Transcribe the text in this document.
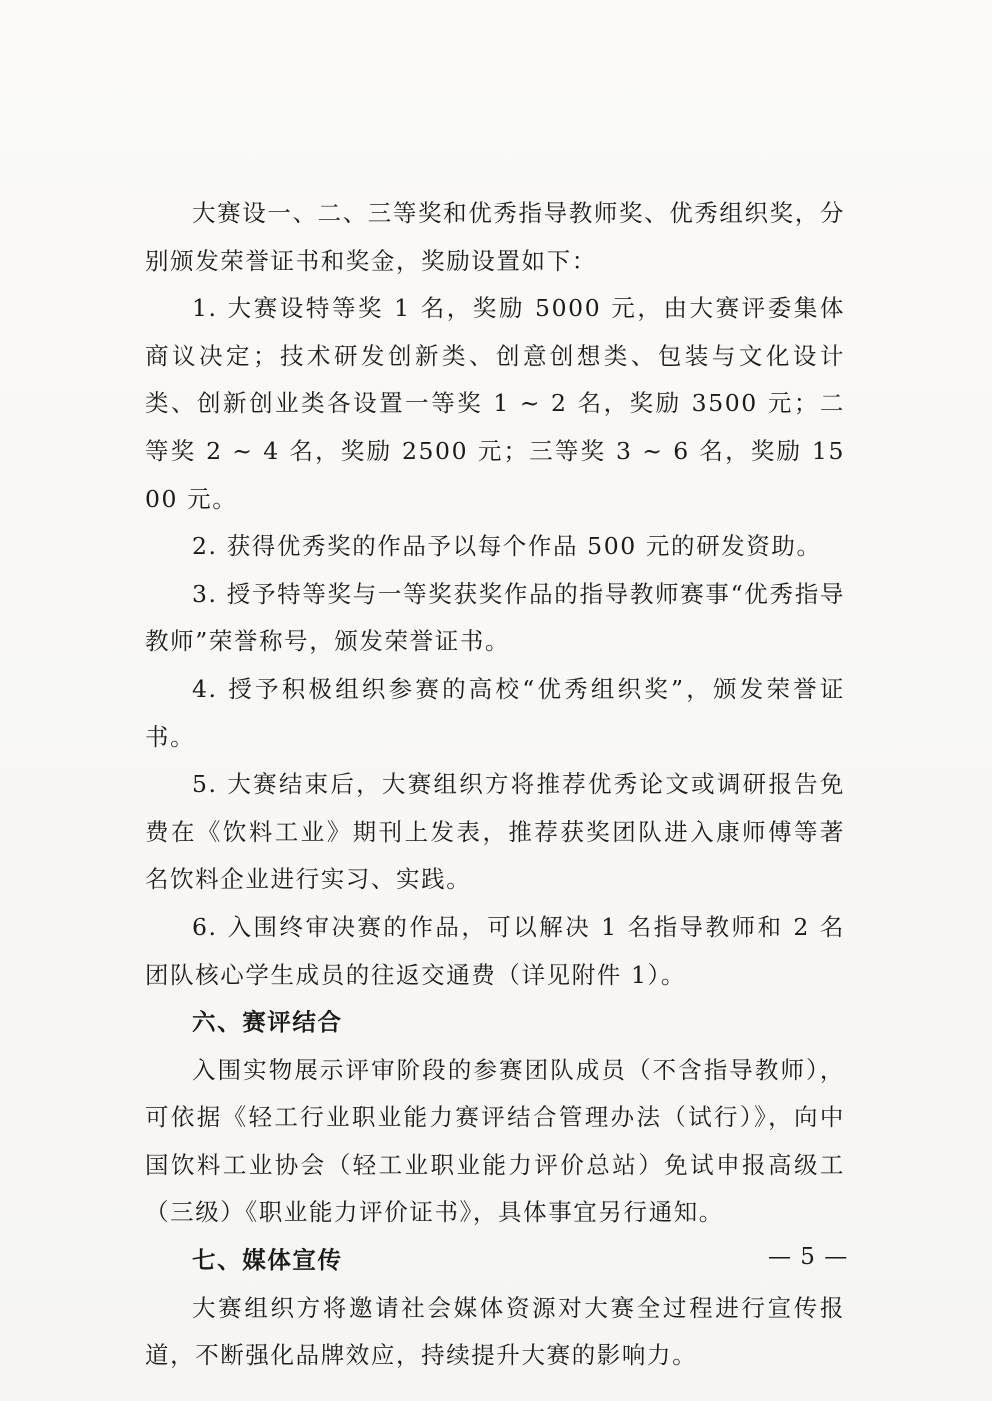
大赛设一、二、三等奖和优秀指导教师奖、优秀组织奖，分别颁发荣誉证书和奖金，奖励设置如下：

1. 大赛设特等奖 1 名，奖励 5000 元，由大赛评委集体商议决定；技术研发创新类、创意创想类、包装与文化设计类、创新创业类各设置一等奖 1 ~ 2 名，奖励 3500 元；二等奖 2 ~ 4 名，奖励 2500 元；三等奖 3 ~ 6 名，奖励 1500 元。

2. 获得优秀奖的作品予以每个作品 500 元的研发资助。

3. 授予特等奖与一等奖获奖作品的指导教师赛事“优秀指导教师”荣誉称号，颁发荣誉证书。

4. 授予积极组织参赛的高校“优秀组织奖”，颁发荣誉证书。

5. 大赛结束后，大赛组织方将推荐优秀论文或调研报告免费在《饮料工业》期刊上发表，推荐获奖团队进入康师傅等著名饮料企业进行实习、实践。

6. 入围终审决赛的作品，可以解决 1 名指导教师和 2 名团队核心学生成员的往返交通费（详见附件 1）。

六、赛评结合

入围实物展示评审阶段的参赛团队成员（不含指导教师），可依据《轻工行业职业能力赛评结合管理办法（试行）》，向中国饮料工业协会（轻工业职业能力评价总站）免试申报高级工（三级）《职业能力评价证书》，具体事宜另行通知。

七、媒体宣传

大赛组织方将邀请社会媒体资源对大赛全过程进行宣传报道，不断强化品牌效应，持续提升大赛的影响力。

— 5 —
